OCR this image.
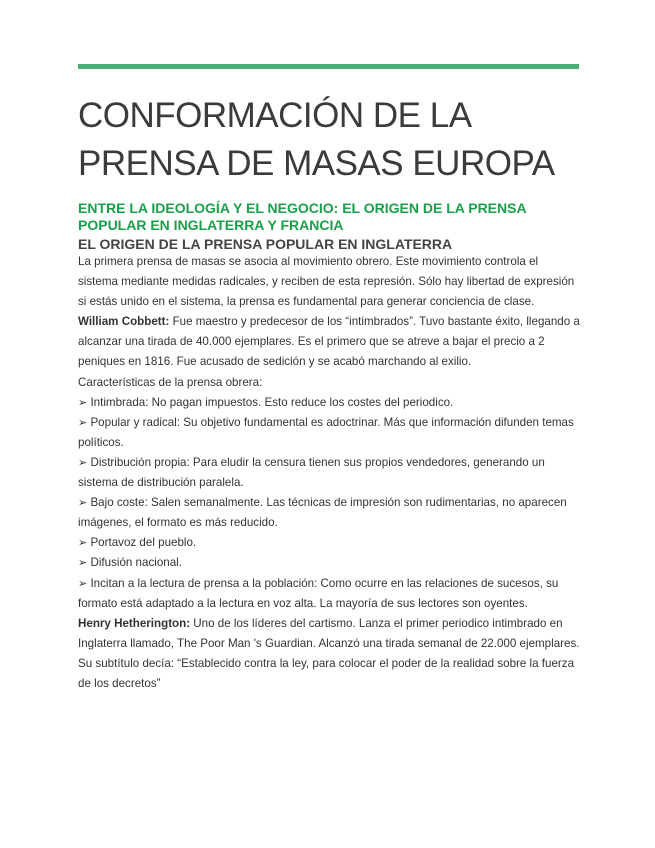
CONFORMACIÓN DE LA
PRENSA DE MASAS EUROPA
ENTRE LA IDEOLOGÍA Y EL NEGOCIO: EL ORIGEN DE LA PRENSA POPULAR EN INGLATERRA Y FRANCIA
EL ORIGEN DE LA PRENSA POPULAR EN INGLATERRA

La primera prensa de masas se asocia al movimiento obrero. Este movimiento controla el sistema mediante medidas radicales, y reciben de esta represión. Sólo hay libertad de expresión si estás unido en el sistema, la prensa es fundamental para generar conciencia de clase.

William Cobbett: Fue maestro y predecesor de los “intimbrados”. Tuvo bastante éxito, llegando a alcanzar una tirada de 40.000 ejemplares. Es el primero que se atreve a bajar el precio a 2 peniques en 1816. Fue acusado de sedición y se acabó marchando al exilio.

Características de la prensa obrera:

➢ Intimbrada: No pagan impuestos. Esto reduce los costes del periodico.

➢ Popular y radical: Su objetivo fundamental es adoctrinar. Más que información difunden temas políticos.

➢ Distribución propia: Para eludir la censura tienen sus propios vendedores, generando un sistema de distribución paralela.

➢ Bajo coste: Salen semanalmente. Las técnicas de impresión son rudimentarias, no aparecen imágenes, el formato es más reducido.

➢ Portavoz del pueblo.

➢ Difusión nacional.

➢ Incitan a la lectura de prensa a la población: Como ocurre en las relaciones de sucesos, su formato está adaptado a la lectura en voz alta. La mayoría de sus lectores son oyentes.

Henry Hetherington: Uno de los líderes del cartismo. Lanza el primer periodico intimbrado en Inglaterra llamado, The Poor Man 's Guardian. Alcanzó una tirada semanal de 22.000 ejemplares.

Su subtítulo decía: “Establecido contra la ley, para colocar el poder de la realidad sobre la fuerza de los decretos”
